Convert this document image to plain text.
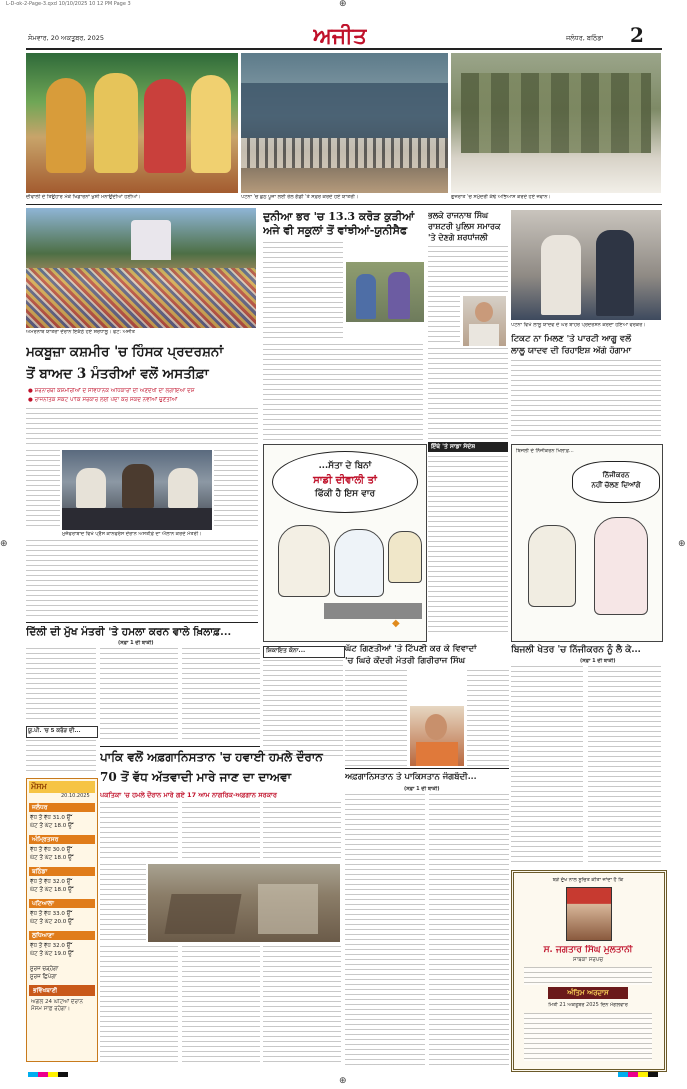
L-D-ok-2-Page-3.qxd 10/10/2025 10 12 PM Page 3	⊕
⊕
⊕	⊕
ਸੋਮਵਾਰ, 20 ਅਕਤੂਬਰ, 2025	ਅਜੀਤ	ਜਲੰਧਰ, ਬਠਿੰਡਾ 2
ਦੀਵਾਲੀ ਦੇ ਤਿਉਹਾਰ ਮੌਕੇ ਖਿਡਾਰਨਾਂ ਖੁਸ਼ੀ ਮਨਾਉਂਦੀਆਂ ਹੋਈਆਂ।	ਪਟਨਾ 'ਚ ਛਠ ਪੂਜਾ ਲਈ ਰੇਲ ਗੱਡੀ 'ਤੇ ਸਫ਼ਰ ਕਰਦੇ ਹੋਏ ਯਾਤਰੀ।	ਗੁਜਰਾਤ 'ਚ ਸਮੁੰਦਰੀ ਕੰਢੇ ਅਭਿਆਸ ਕਰਦੇ ਹੋਏ ਜਵਾਨ।
ਅਮਰਨਾਥ ਯਾਤਰਾ ਦੌਰਾਨ ਇਕੱਠੇ ਹੋਏ ਸ਼ਰਧਾਲੂ। ਫੋਟੋ: ਅਜੀਤ
ਦੁਨੀਆ ਭਰ 'ਚ 13.3 ਕਰੋੜ ਕੁੜੀਆਂ
ਅਜੇ ਵੀ ਸਕੂਲਾਂ ਤੋਂ ਵਾਂਝੀਆਂ-ਯੂਨੀਸੈਫ
ਭਲਕੇ ਰਾਜਨਾਥ ਸਿੰਘ
ਰਾਸ਼ਟਰੀ ਪੁਲਿਸ ਸਮਾਰਕ
'ਤੇ ਦੇਣਗੇ ਸ਼ਰਧਾਂਜਲੀ
ਪਟਨਾ ਵਿਖੇ ਲਾਲੂ ਯਾਦਵ ਦੇ ਘਰ ਬਾਹਰ ਪ੍ਰਦਰਸ਼ਨ ਕਰਦਾ ਹੋਇਆ ਵਰਕਰ।
ਟਿਕਟ ਨਾ ਮਿਲਣ 'ਤੇ ਪਾਰਟੀ ਆਗੂ ਵਲੋਂ
ਲਾਲੂ ਯਾਦਵ ਦੀ ਰਿਹਾਇਸ਼ ਅੱਗੇ ਹੰਗਾਮਾ
ਮਕਬੂਜ਼ਾ ਕਸ਼ਮੀਰ 'ਚ ਹਿੰਸਕ ਪ੍ਰਦਰਸ਼ਨਾਂ
ਤੋਂ ਬਾਅਦ 3 ਮੰਤਰੀਆਂ ਵਲੋਂ ਅਸਤੀਫ਼ਾ
● ਸ਼ਰਨਾਰਥੀ ਕਸ਼ਮੀਰੀਆਂ ਦੇ ਸੰਵਿਧਾਨਕ ਅਧਿਕਾਰਾਂ ਦੀ ਅਣਦੇਖੀ ਦਾ ਲਗਾਇਆ ਦੋਸ਼
● ਰਾਜਨੀਤਕ ਸੰਕਟ ਪਾਕਿ ਸਰਕਾਰ ਲਈ ਪੈਦਾ ਕਰ ਸਕਦੇ ਨਵੀਆਂ ਚੁਣੌਤੀਆਂ
ਮੁਜ਼ੱਫਰਾਬਾਦ ਵਿਖੇ ਪ੍ਰੈੱਸ ਕਾਨਫਰੰਸ ਦੌਰਾਨ ਅਸਤੀਫ਼ੇ ਦਾ ਐਲਾਨ ਕਰਦੇ ਮੰਤਰੀ।
ਇੱਥੇ 'ਤੇ ਸਾਡਾ ਸੰਦੇਸ਼
...ਸੱਤਾ ਦੇ ਬਿਨਾਂ
ਸਾਡੀ ਦੀਵਾਲੀ ਤਾਂ
ਫਿੱਕੀ ਹੈ ਇਸ ਵਾਰ
◆
ਬਿਜਲੀ ਦੇ ਨਿੱਜੀਕਰਨ ਖਿਲਾਫ਼...
ਨਿੱਜੀਕਰਨ
ਨਹੀਂ ਚੱਲਣ ਦਿਆਂਗੇ
ਦਿੱਲੀ ਦੀ ਮੁੱਖ ਮੰਤਰੀ 'ਤੇ ਹਮਲਾ ਕਰਨ ਵਾਲੇ ਖ਼ਿਲਾਫ਼...
ਸ਼ਿਕਾਇਤ ਕੋਨਾ...	ਘੱਟ ਗਿਣਤੀਆਂ 'ਤੇ ਟਿੱਪਣੀ ਕਰ ਕੇ ਵਿਵਾਦਾਂ
'ਚ ਘਿਰੇ ਕੇਂਦਰੀ ਮੰਤਰੀ ਗਿਰੀਰਾਜ ਸਿੰਘ
ਬਿਜਲੀ ਖੇਤਰ 'ਚ ਨਿੱਜੀਕਰਨ ਨੂੰ ਲੈ ਕੇ...
(ਸਫ਼ਾ 1 ਦੀ ਬਾਕੀ)
ਯੂ.ਪੀ. 'ਚ 5 ਕਰੋੜ ਦੀ...
(ਸਫ਼ਾ 1 ਦੀ ਬਾਕੀ)
ਪਾਕਿ ਵਲੋਂ ਅਫ਼ਗਾਨਿਸਤਾਨ 'ਚ ਹਵਾਈ ਹਮਲੇ ਦੌਰਾਨ
70 ਤੋਂ ਵੱਧ ਅੱਤਵਾਦੀ ਮਾਰੇ ਜਾਣ ਦਾ ਦਾਅਵਾ
ਪਕਤਿਕਾ 'ਚ ਹਮਲੇ ਦੌਰਾਨ ਮਾਰੇ ਗਏ 17 ਆਮ ਨਾਗਰਿਕ-ਅਫ਼ਗਾਨ ਸਰਕਾਰ
ਅਫ਼ਗਾਨਿਸਤਾਨ ਤੇ ਪਾਕਿਸਤਾਨ ਜੰਗਬੰਦੀ...
(ਸਫ਼ਾ 1 ਦੀ ਬਾਕੀ)
ਮੌਸਮ
20.10.2025
ਜਲੰਧਰ
ਵੱਧ ਤੋਂ ਵੱਧ 31.0 ਉੱ
ਘੱਟ ਤੋਂ ਘੱਟ 18.0 ਉੱ
ਅੰਮ੍ਰਿਤਸਰ
ਵੱਧ ਤੋਂ ਵੱਧ 30.0 ਉੱ
ਘੱਟ ਤੋਂ ਘੱਟ 18.0 ਉੱ
ਬਠਿੰਡਾ
ਵੱਧ ਤੋਂ ਵੱਧ 32.0 ਉੱ
ਘੱਟ ਤੋਂ ਘੱਟ 18.0 ਉੱ
ਪਟਿਆਲਾ
ਵੱਧ ਤੋਂ ਵੱਧ 33.0 ਉੱ
ਘੱਟ ਤੋਂ ਘੱਟ 20.0 ਉੱ
ਲੁਧਿਆਣਾ
ਵੱਧ ਤੋਂ ਵੱਧ 32.0 ਉੱ
ਘੱਟ ਤੋਂ ਘੱਟ 19.0 ਉੱ
ਸੂਰਜ ਚੜ੍ਹੇਗਾ
ਸੂਰਜ ਛਿਪੇਗਾ
ਭਵਿੱਖਬਾਣੀ
ਅਗਲੇ 24 ਘੰਟਿਆਂ ਦੌਰਾਨ ਮੌਸਮ ਸਾਫ਼ ਰਹੇਗਾ।
ਬੜੇ ਦੁੱਖ ਨਾਲ ਸੂਚਿਤ ਕੀਤਾ ਜਾਂਦਾ ਹੈ ਕਿ
ਸ. ਜਗਤਾਰ ਸਿੰਘ ਮੁਲਤਾਨੀ
ਸਾਬਕਾ ਸਰਪੰਚ
ਅੰਤਿਮ ਅਰਦਾਸ
ਮਿਤੀ 21 ਅਕਤੂਬਰ 2025 ਦਿਨ ਮੰਗਲਵਾਰ
